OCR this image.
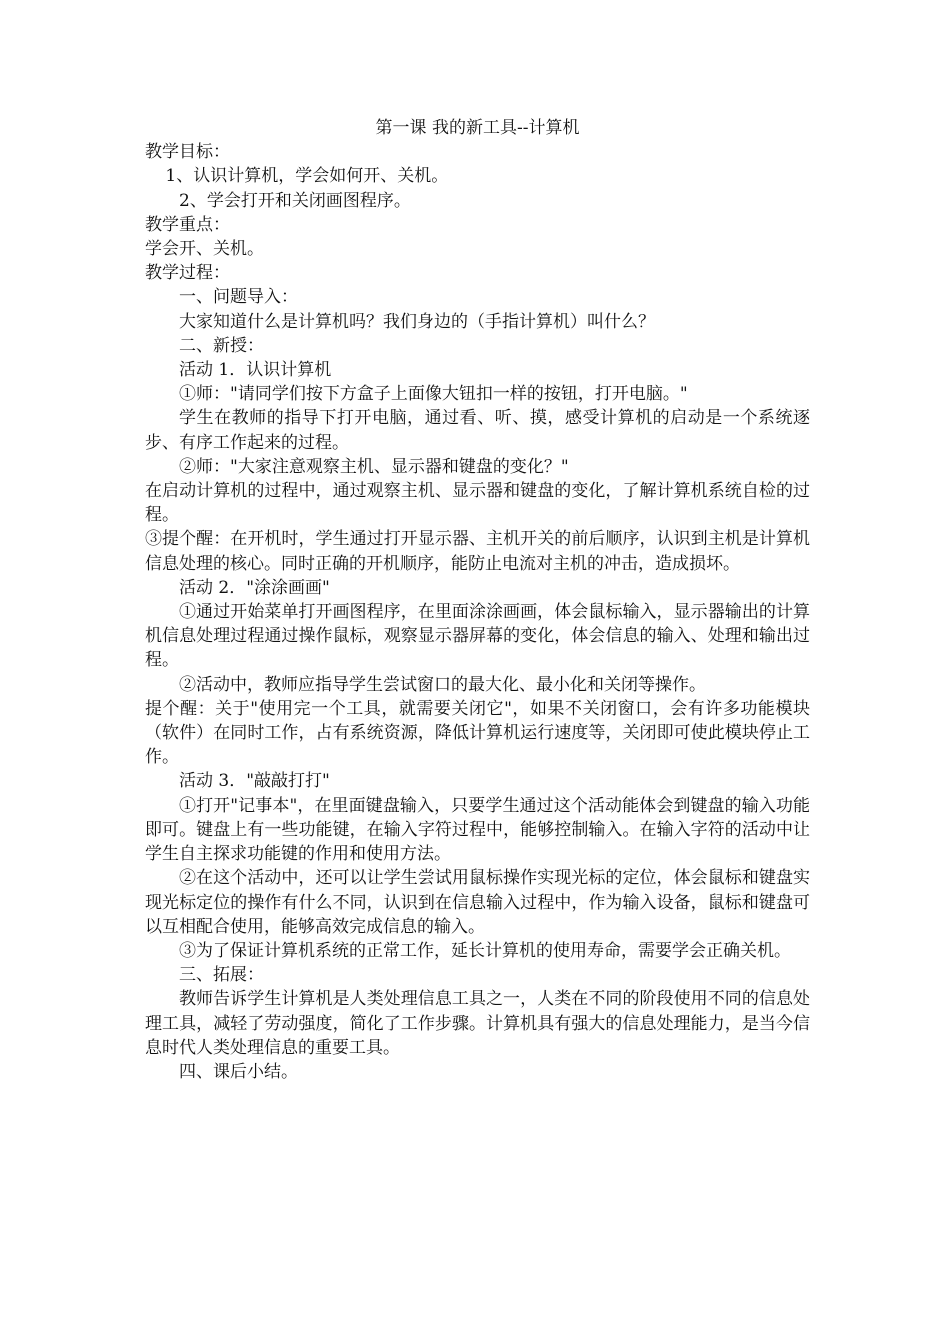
第一课 我的新工具--计算机

教学目标：

1、认识计算机，学会如何开、关机。

2、学会打开和关闭画图程序。

教学重点：

学会开、关机。

教学过程：

一、问题导入：

大家知道什么是计算机吗？我们身边的（手指计算机）叫什么？

二、新授：

活动 1．认识计算机

①师："请同学们按下方盒子上面像大钮扣一样的按钮，打开电脑。"

学生在教师的指导下打开电脑，通过看、听、摸，感受计算机的启动是一个系统逐步、有序工作起来的过程。

②师："大家注意观察主机、显示器和键盘的变化？"

在启动计算机的过程中，通过观察主机、显示器和键盘的变化，了解计算机系统自检的过程。

③提个醒：在开机时，学生通过打开显示器、主机开关的前后顺序，认识到主机是计算机信息处理的核心。同时正确的开机顺序，能防止电流对主机的冲击，造成损坏。

活动 2．"涂涂画画"

①通过开始菜单打开画图程序，在里面涂涂画画，体会鼠标输入，显示器输出的计算机信息处理过程通过操作鼠标，观察显示器屏幕的变化，体会信息的输入、处理和输出过程。

②活动中，教师应指导学生尝试窗口的最大化、最小化和关闭等操作。

提个醒：关于"使用完一个工具，就需要关闭它"，如果不关闭窗口，会有许多功能模块（软件）在同时工作，占有系统资源，降低计算机运行速度等，关闭即可使此模块停止工作。

活动 3．"敲敲打打"

①打开"记事本"，在里面键盘输入，只要学生通过这个活动能体会到键盘的输入功能即可。键盘上有一些功能键，在输入字符过程中，能够控制输入。在输入字符的活动中让学生自主探求功能键的作用和使用方法。

②在这个活动中，还可以让学生尝试用鼠标操作实现光标的定位，体会鼠标和键盘实现光标定位的操作有什么不同，认识到在信息输入过程中，作为输入设备，鼠标和键盘可以互相配合使用，能够高效完成信息的输入。

③为了保证计算机系统的正常工作，延长计算机的使用寿命，需要学会正确关机。

三、拓展：

教师告诉学生计算机是人类处理信息工具之一，人类在不同的阶段使用不同的信息处理工具，减轻了劳动强度，简化了工作步骤。计算机具有强大的信息处理能力，是当今信息时代人类处理信息的重要工具。

四、课后小结。
